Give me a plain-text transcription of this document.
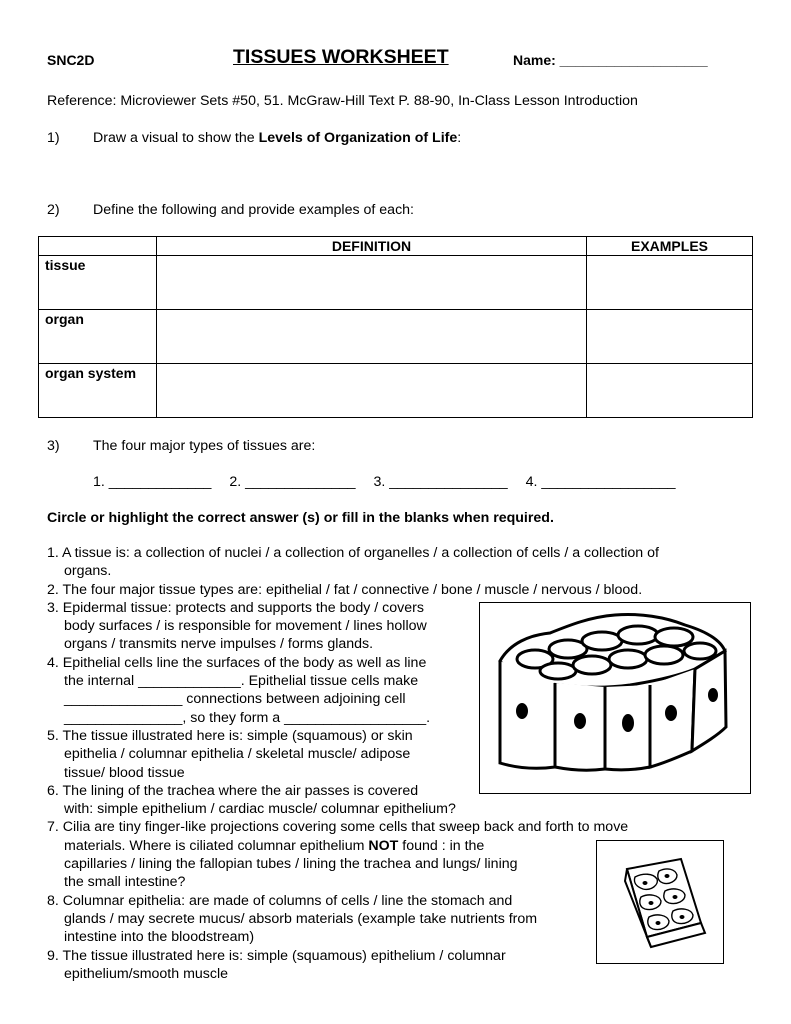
SNC2D	TISSUES WORKSHEET	Name: ___________________
Reference: Microviewer Sets #50, 51. McGraw-Hill Text P. 88-90, In-Class Lesson Introduction
1) Draw a visual to show the Levels of Organization of Life:
2) Define the following and provide examples of each:
	DEFINITION	EXAMPLES
tissue		
organ		
organ system		
3) The four major types of tissues are:
1. _____________ 2. ______________ 3. _______________ 4. _________________
Circle or highlight the correct answer (s) or fill in the blanks when required.
1. A tissue is: a collection of nuclei / a collection of organelles / a collection of cells / a collection of
organs.
2. The four major tissue types are: epithelial / fat / connective / bone / muscle / nervous / blood.
3. Epidermal tissue: protects and supports the body / covers
body surfaces / is responsible for movement / lines hollow
organs / transmits nerve impulses / forms glands.
4. Epithelial cells line the surfaces of the body as well as line
the internal _____________. Epithelial tissue cells make
_______________ connections between adjoining cell
_______________, so they form a __________________.
5. The tissue illustrated here is: simple (squamous) or skin
epithelia / columnar epithelia / skeletal muscle/ adipose
tissue/ blood tissue
6. The lining of the trachea where the air passes is covered
with: simple epithelium / cardiac muscle/ columnar epithelium?
7. Cilia are tiny finger-like projections covering some cells that sweep back and forth to move
materials. Where is ciliated columnar epithelium NOT found : in the
capillaries / lining the fallopian tubes / lining the trachea and lungs/ lining
the small intestine?
8. Columnar epithelia: are made of columns of cells / line the stomach and
glands / may secrete mucus/ absorb materials (example take nutrients from
intestine into the bloodstream)
9. The tissue illustrated here is: simple (squamous) epithelium / columnar
epithelium/smooth muscle
